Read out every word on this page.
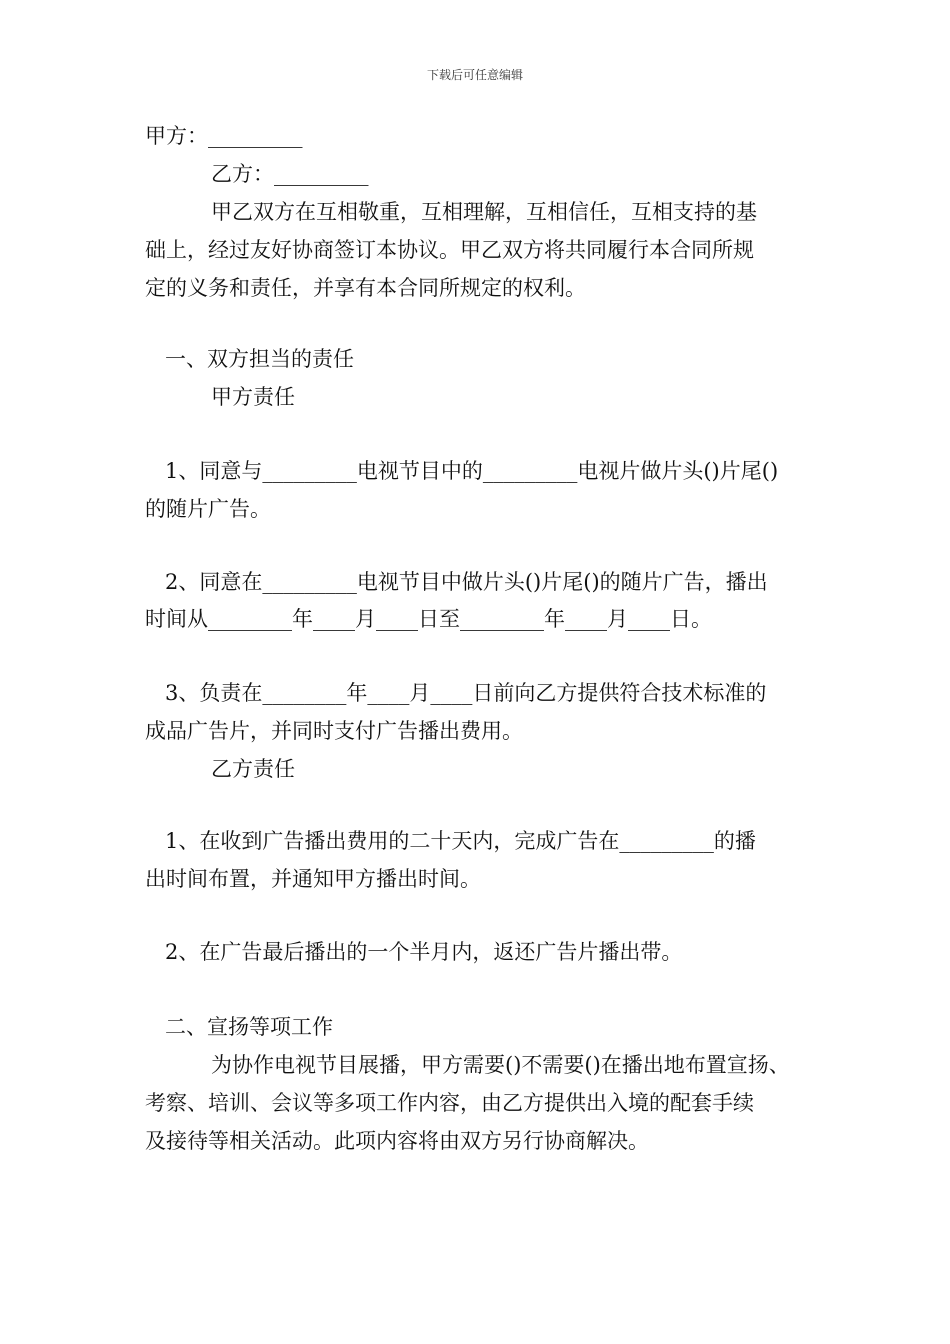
下载后可任意编辑
甲方：_________
乙方：_________
甲乙双方在互相敬重，互相理解，互相信任，互相支持的基
础上，经过友好协商签订本协议。甲乙双方将共同履行本合同所规
定的义务和责任，并享有本合同所规定的权利。
一、双方担当的责任
甲方责任
1、同意与_________电视节目中的_________电视片做片头()片尾()
的随片广告。
2、同意在_________电视节目中做片头()片尾()的随片广告，播出
时间从________年____月____日至________年____月____日。
3、负责在________年____月____日前向乙方提供符合技术标准的
成品广告片，并同时支付广告播出费用。
乙方责任
1、在收到广告播出费用的二十天内，完成广告在_________的播
出时间布置，并通知甲方播出时间。
2、在广告最后播出的一个半月内，返还广告片播出带。
二、宣扬等项工作
为协作电视节目展播，甲方需要()不需要()在播出地布置宣扬、
考察、培训、会议等多项工作内容，由乙方提供出入境的配套手续
及接待等相关活动。此项内容将由双方另行协商解决。
